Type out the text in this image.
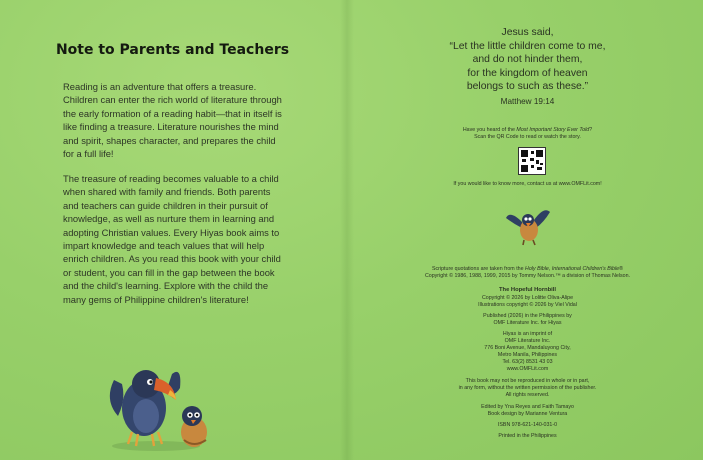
Note to Parents and Teachers

Reading is an adventure that offers a treasure. Children can enter the rich world of literature through the early formation of a reading habit—that in itself is like finding a treasure. Literature nourishes the mind and spirit, shapes character, and prepares the child for a full life!

The treasure of reading becomes valuable to a child when shared with family and friends. Both parents and teachers can guide children in their pursuit of knowledge, as well as nurture them in learning and adopting Christian values. Every Hiyas book aims to impart knowledge and teach values that will help enrich children. As you read this book with your child or student, you can fill in the gap between the book and the child's learning. Explore with the child the many gems of Philippine children's literature!

Jesus said,
“Let the little children come to me,
and do not hinder them,
for the kingdom of heaven
belongs to such as these.”
Matthew 19:14
Have you heard of the Most Important Story Ever Told?
Scan the QR Code to read or watch the story.
If you would like to know more, contact us at www.OMFLit.com!
Scripture quotations are taken from the Holy Bible, International Children's Bible®
Copyright © 1986, 1988, 1999, 2015 by Tommy Nelson.™ a division of Thomas Nelson.
The Hopeful Hornbill
Copyright © 2026 by Lolitte Oliva-Alipe
Illustrations copyright © 2026 by Viel Vidal
Published (2026) in the Philippines by
OMF Literature Inc. for Hiyas
Hiyas is an imprint of
OMF Literature Inc.
776 Boni Avenue, Mandaluyong City,
Metro Manila, Philippines
Tel. 63(2) 8531 43 03
www.OMFLit.com
This book may not be reproduced in whole or in part,
in any form, without the written permission of the publisher.
All rights reserved.
Edited by Yna Reyes and Faith Tamayo
Book design by Marianne Ventura
ISBN 978-621-140-031-0
Printed in the Philippines
